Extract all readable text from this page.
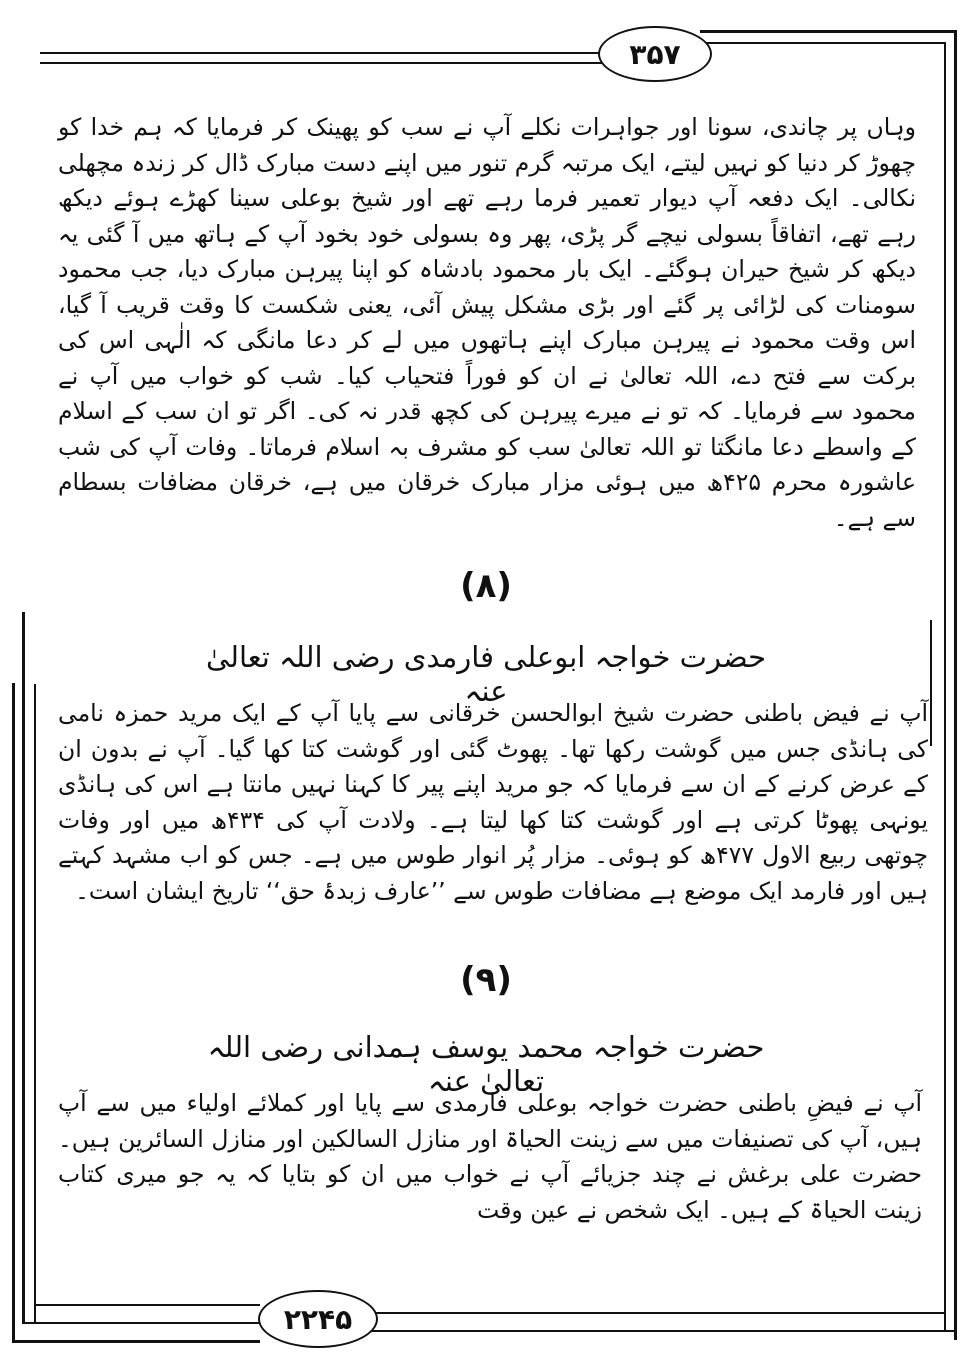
۳۵۷
۲۲۴۵

وہاں پر چاندی، سونا اور جواہرات نکلے آپ نے سب کو پھینک کر فرمایا کہ ہم خدا کو چھوڑ کر دنیا کو نہیں لیتے، ایک مرتبہ گرم تنور میں اپنے دست مبارک ڈال کر زندہ مچھلی نکالی۔ ایک دفعہ آپ دیوار تعمیر فرما رہے تھے اور شیخ بوعلی سینا کھڑے ہوئے دیکھ رہے تھے، اتفاقاً بسولی نیچے گر پڑی، پھر وہ بسولی خود بخود آپ کے ہاتھ میں آ گئی یہ دیکھ کر شیخ حیران ہوگئے۔ ایک بار محمود بادشاہ کو اپنا پیرہن مبارک دیا، جب محمود سومنات کی لڑائی پر گئے اور بڑی مشکل پیش آئی، یعنی شکست کا وقت قریب آ گیا، اس وقت محمود نے پیرہن مبارک اپنے ہاتھوں میں لے کر دعا مانگی کہ الٰہی اس کی برکت سے فتح دے، اللہ تعالیٰ نے ان کو فوراً فتحیاب کیا۔ شب کو خواب میں آپ نے محمود سے فرمایا۔ کہ تو نے میرے پیرہن کی کچھ قدر نہ کی۔ اگر تو ان سب کے اسلام کے واسطے دعا مانگتا تو اللہ تعالیٰ سب کو مشرف بہ اسلام فرماتا۔ وفات آپ کی شب عاشورہ محرم ۴۲۵ھ میں ہوئی مزار مبارک خرقان میں ہے، خرقان مضافات بسطام سے ہے۔

(۸)
حضرت خواجہ ابوعلی فارمدی رضی اللہ تعالیٰ عنہ

آپ نے فیض باطنی حضرت شیخ ابوالحسن خرقانی سے پایا آپ کے ایک مرید حمزہ نامی کی ہانڈی جس میں گوشت رکھا تھا۔ پھوٹ گئی اور گوشت کتا کھا گیا۔ آپ نے بدون ان کے عرض کرنے کے ان سے فرمایا کہ جو مرید اپنے پیر کا کہنا نہیں مانتا ہے اس کی ہانڈی یونہی پھوٹا کرتی ہے اور گوشت کتا کھا لیتا ہے۔ ولادت آپ کی ۴۳۴ھ میں اور وفات چوتھی ربیع الاول ۴۷۷ھ کو ہوئی۔ مزار پُر انوار طوس میں ہے۔ جس کو اب مشہد کہتے ہیں اور فارمد ایک موضع ہے مضافات طوس سے ’’عارف زبدۂ حق‘‘ تاریخ ایشان است۔

(۹)
حضرت خواجہ محمد یوسف ہمدانی رضی اللہ تعالیٰ عنہ

آپ نے فیضِ باطنی حضرت خواجہ بوعلی فارمدی سے پایا اور کملائے اولیاء میں سے آپ ہیں، آپ کی تصنیفات میں سے زینت الحیاۃ اور منازل السالکین اور منازل السائرین ہیں۔ حضرت علی برغش نے چند جزیائے آپ نے خواب میں ان کو بتایا کہ یہ جو میری کتاب زینت الحیاۃ کے ہیں۔ ایک شخص نے عین وقت
